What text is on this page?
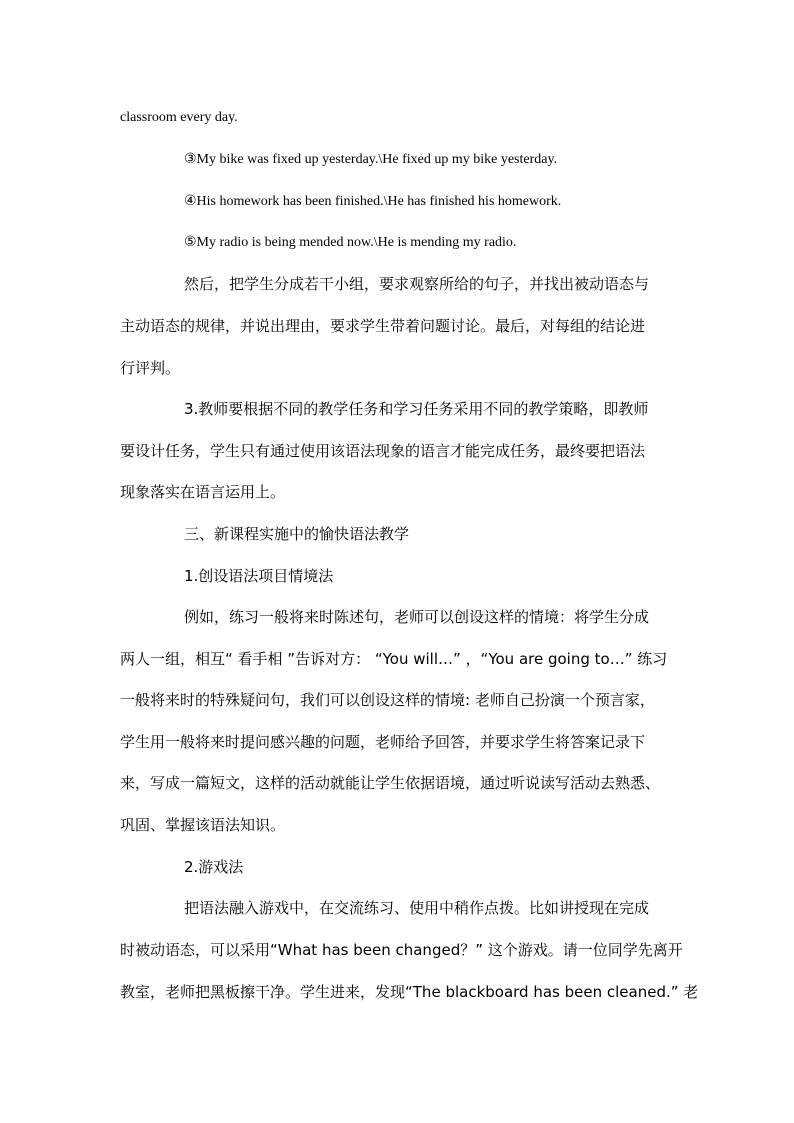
classroom every day.
③My bike was fixed up yesterday.\He fixed up my bike yesterday.
④His homework has been finished.\He has finished his homework.
⑤My radio is being mended now.\He is mending my radio.
然后，把学生分成若干小组，要求观察所给的句子，并找出被动语态与
主动语态的规律，并说出理由，要求学生带着问题讨论。最后，对每组的结论进
行评判。
3.教师要根据不同的教学任务和学习任务采用不同的教学策略，即教师
要设计任务，学生只有通过使用该语法现象的语言才能完成任务，最终要把语法
现象落实在语言运用上。
三、新课程实施中的愉快语法教学
1.创设语法项目情境法
例如，练习一般将来时陈述句，老师可以创设这样的情境：将学生分成
两人一组，相互“ 看手相 ”告诉对方： “You will…” ，“You are going to…” 练习
一般将来时的特殊疑问句，我们可以创设这样的情境: 老师自己扮演一个预言家，
学生用一般将来时提问感兴趣的问题，老师给予回答，并要求学生将答案记录下
来，写成一篇短文，这样的活动就能让学生依据语境，通过听说读写活动去熟悉、
巩固、掌握该语法知识。
2.游戏法
把语法融入游戏中，在交流练习、使用中稍作点拨。比如讲授现在完成
时被动语态，可以采用“What has been changed？” 这个游戏。请一位同学先离开
教室，老师把黑板擦干净。学生进来，发现“The blackboard has been cleaned.” 老
